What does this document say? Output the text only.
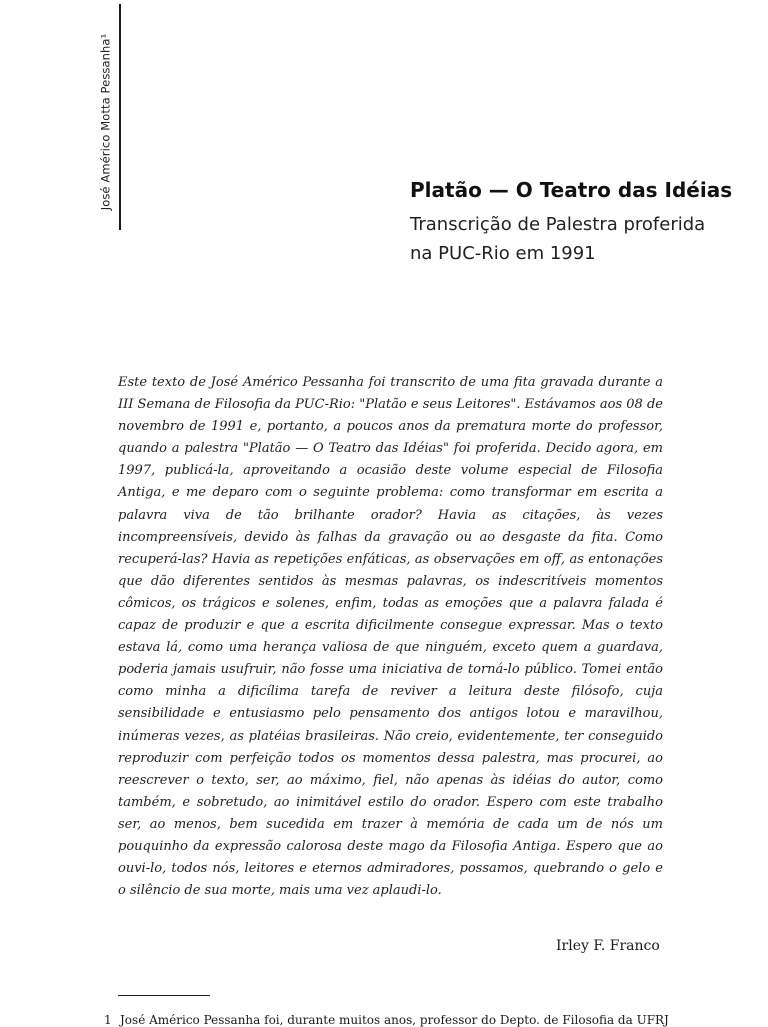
José Américo Motta Pessanha¹	Platão — O Teatro das Idéias
Transcrição de Palestra proferida
na PUC-Rio em 1991

Este texto de José Américo Pessanha foi transcrito de uma fita gravada durante a III Semana de Filosofia da PUC-Rio: "Platão e seus Leitores". Estávamos aos 08 de novembro de 1991 e, portanto, a poucos anos da prematura morte do professor, quando a palestra "Platão — O Teatro das Idéias" foi proferida. Decido agora, em 1997, publicá-la, aproveitando a ocasião deste volume especial de Filosofia Antiga, e me deparo com o seguinte problema: como transformar em escrita a palavra viva de tão brilhante orador? Havia as citações, às vezes incompreensíveis, devido às falhas da gravação ou ao desgaste da fita. Como recuperá-las? Havia as repetições enfáticas, as observações em off, as entonações que dão diferentes sentidos às mesmas palavras, os indescritíveis momentos cômicos, os trágicos e solenes, enfim, todas as emoções que a palavra falada é capaz de produzir e que a escrita dificilmente consegue expressar. Mas o texto estava lá, como uma herança valiosa de que ninguém, exceto quem a guardava, poderia jamais usufruir, não fosse uma iniciativa de torná-lo público. Tomei então como minha a dificílima tarefa de reviver a leitura deste filósofo, cuja sensibilidade e entusiasmo pelo pensamento dos antigos lotou e maravilhou, inúmeras vezes, as platéias brasileiras. Não creio, evidentemente, ter conseguido reproduzir com perfeição todos os momentos dessa palestra, mas procurei, ao reescrever o texto, ser, ao máximo, fiel, não apenas às idéias do autor, como também, e sobretudo, ao inimitável estilo do orador. Espero com este trabalho ser, ao menos, bem sucedida em trazer à memória de cada um de nós um pouquinho da expressão calorosa deste mago da Filosofia Antiga. Espero que ao ouvi-lo, todos nós, leitores e eternos admiradores, possamos, quebrando o gelo e o silêncio de sua morte, mais uma vez aplaudi-lo.

Irley F. Franco
1 José Américo Pessanha foi, durante muitos anos, professor do Depto. de Filosofia da UFRJ
